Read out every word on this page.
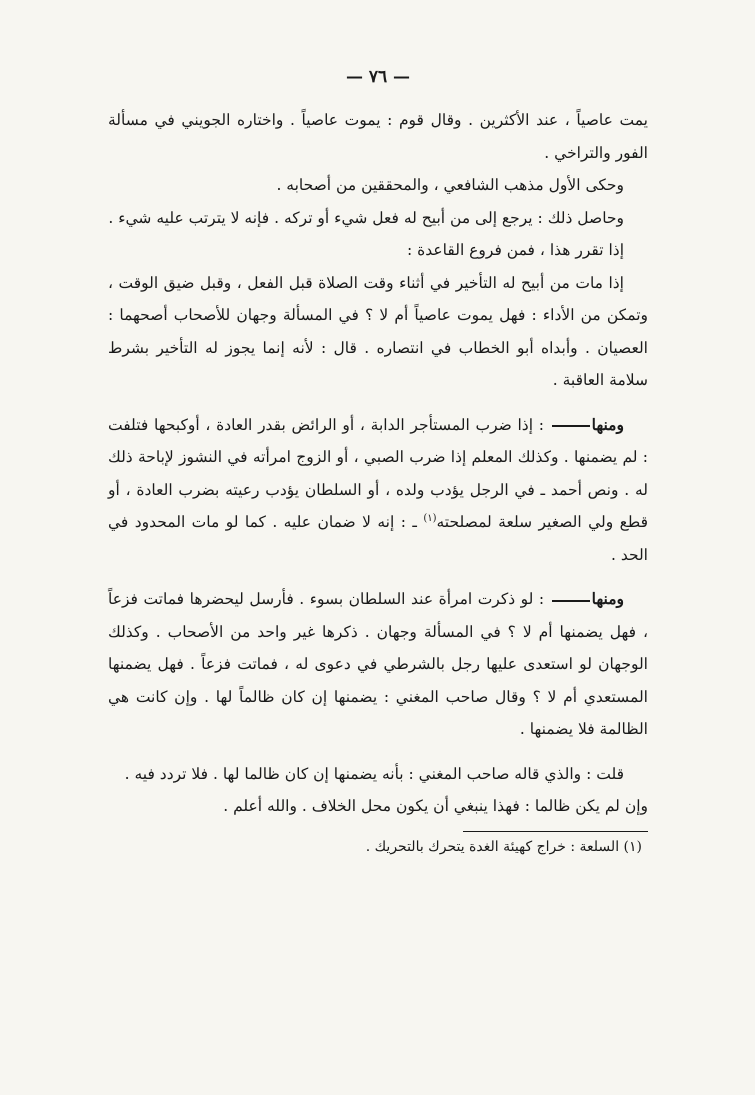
— ٧٦ —

يمت عاصياً ، عند الأكثرين . وقال قوم : يموت عاصياً . واختاره الجويني في مسألة الفور والتراخي .

وحكى الأول مذهب الشافعي ، والمحققين من أصحابه .

وحاصل ذلك : يرجع إلى من أبيح له فعل شيء أو تركه . فإنه لا يترتب عليه شيء .

إذا تقرر هذا ، فمن فروع القاعدة :

إذا مات من أبيح له التأخير في أثناء وقت الصلاة قبل الفعل ، وقبل ضيق الوقت ، وتمكن من الأداء : فهل يموت عاصياً أم لا ؟ في المسألة وجهان للأصحاب أصحهما : العصيان . وأبداه أبو الخطاب في انتصاره . قال : لأنه إنما يجوز له التأخير بشرط سلامة العاقبة .

ومنها : إذا ضرب المستأجر الدابة ، أو الرائض بقدر العادة ، أوكبحها فتلفت : لم يضمنها . وكذلك المعلم إذا ضرب الصبي ، أو الزوج امرأته في النشوز لإباحة ذلك له . ونص أحمد ـ في الرجل يؤدب ولده ، أو السلطان يؤدب رعيته بضرب العادة ، أو قطع ولي الصغير سلعة لمصلحته$^{(١)}$ ـ : إنه لا ضمان عليه . كما لو مات المحدود في الحد .

ومنها : لو ذكرت امرأة عند السلطان بسوء . فأرسل ليحضرها فماتت فزعاً ، فهل يضمنها أم لا ؟ في المسألة وجهان . ذكرها غير واحد من الأصحاب . وكذلك الوجهان لو استعدى عليها رجل بالشرطي في دعوى له ، فماتت فزعاً . فهل يضمنها المستعدي أم لا ؟ وقال صاحب المغني : يضمنها إن كان ظالماً لها . وإن كانت هي الظالمة فلا يضمنها .

قلت : والذي قاله صاحب المغني : بأنه يضمنها إن كان ظالما لها . فلا تردد فيه .

وإن لم يكن ظالما : فهذا ينبغي أن يكون محل الخلاف . والله أعلم .

(١) السلعة : خراج كهيئة الغدة يتحرك بالتحريك .
